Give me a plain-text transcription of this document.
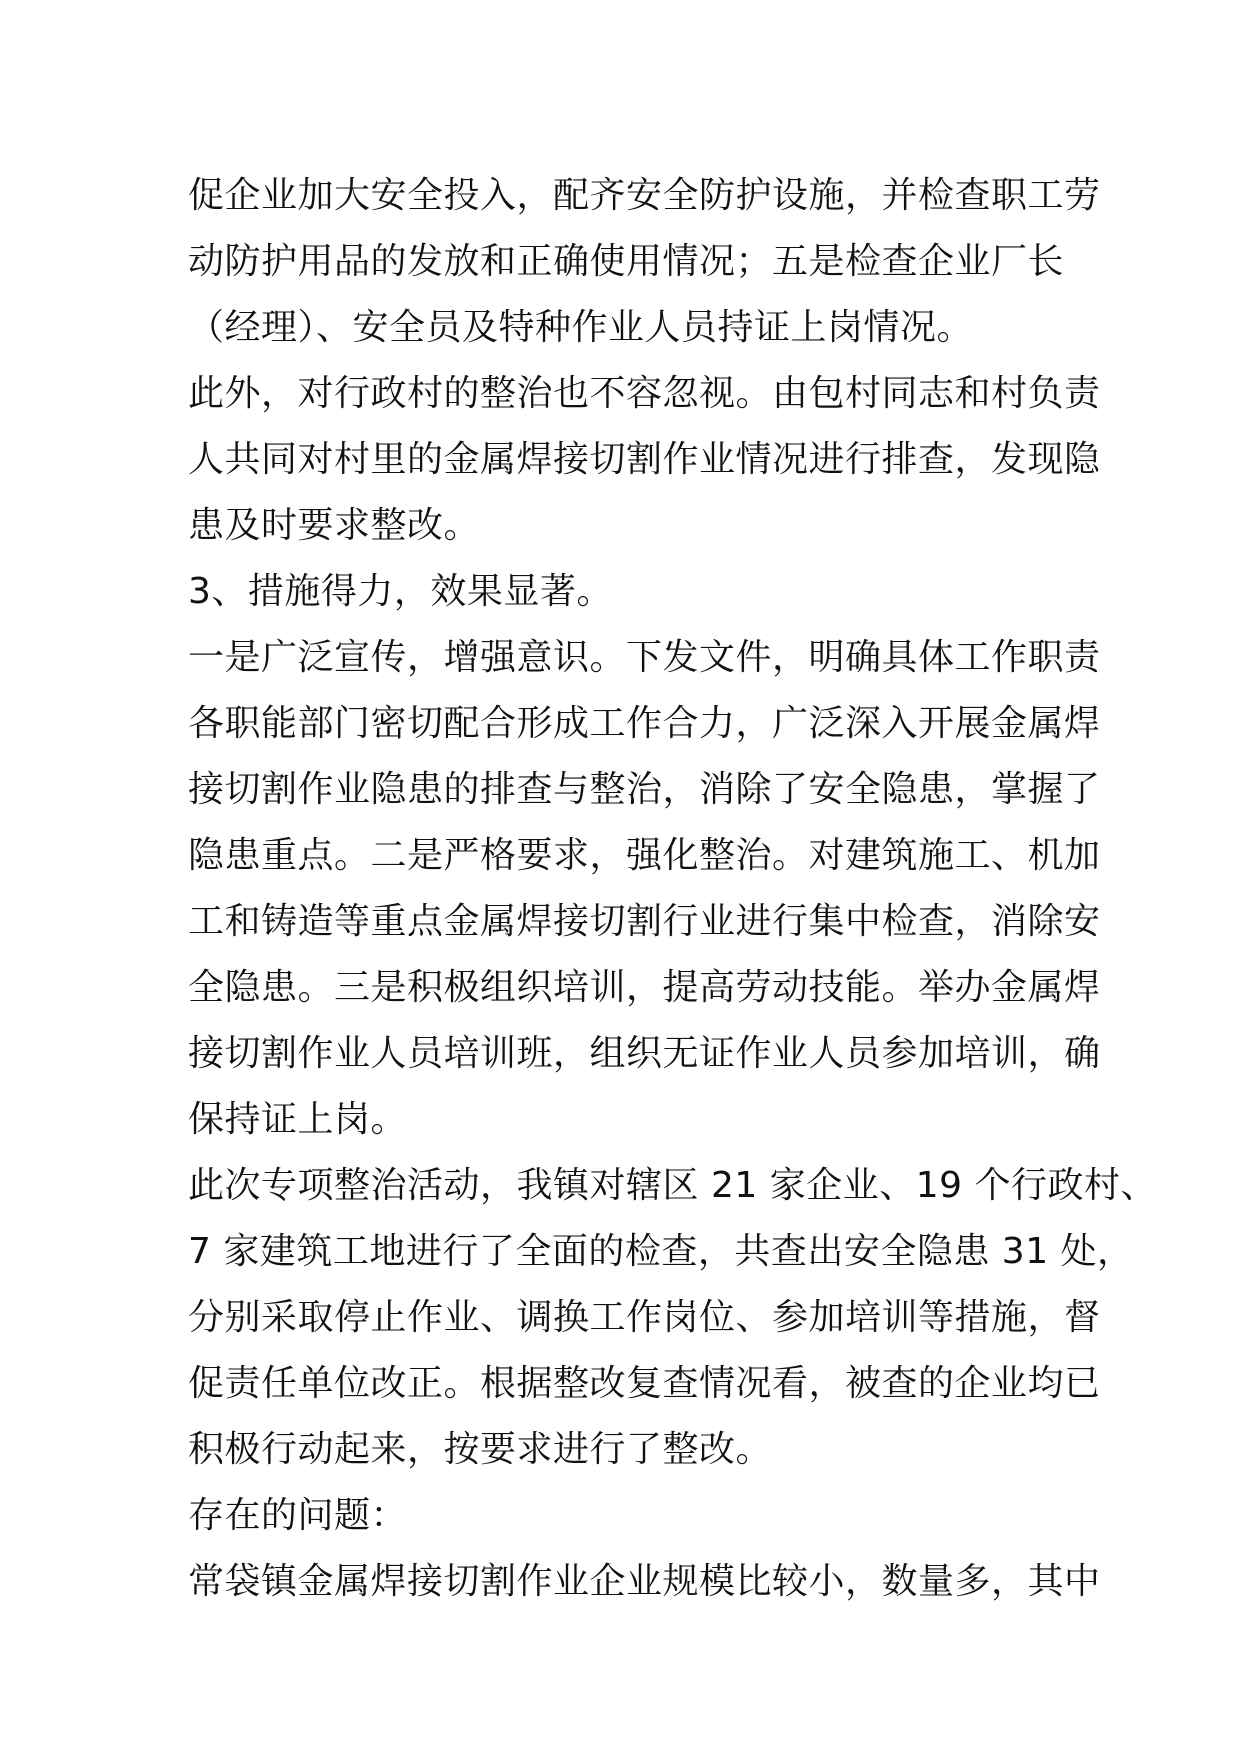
促企业加大安全投入，配齐安全防护设施，并检查职工劳
动防护用品的发放和正确使用情况；五是检查企业厂长
（经理）、安全员及特种作业人员持证上岗情况。
此外，对行政村的整治也不容忽视。由包村同志和村负责
人共同对村里的金属焊接切割作业情况进行排查，发现隐
患及时要求整改。
3、措施得力，效果显著。
一是广泛宣传，增强意识。下发文件，明确具体工作职责
各职能部门密切配合形成工作合力，广泛深入开展金属焊
接切割作业隐患的排查与整治，消除了安全隐患，掌握了
隐患重点。二是严格要求，强化整治。对建筑施工、机加
工和铸造等重点金属焊接切割行业进行集中检查，消除安
全隐患。三是积极组织培训，提高劳动技能。举办金属焊
接切割作业人员培训班，组织无证作业人员参加培训，确
保持证上岗。
此次专项整治活动，我镇对辖区 21 家企业、19 个行政村、
7 家建筑工地进行了全面的检查，共查出安全隐患 31 处，
分别采取停止作业、调换工作岗位、参加培训等措施，督
促责任单位改正。根据整改复查情况看，被查的企业均已
积极行动起来，按要求进行了整改。
存在的问题：
常袋镇金属焊接切割作业企业规模比较小，数量多，其中
